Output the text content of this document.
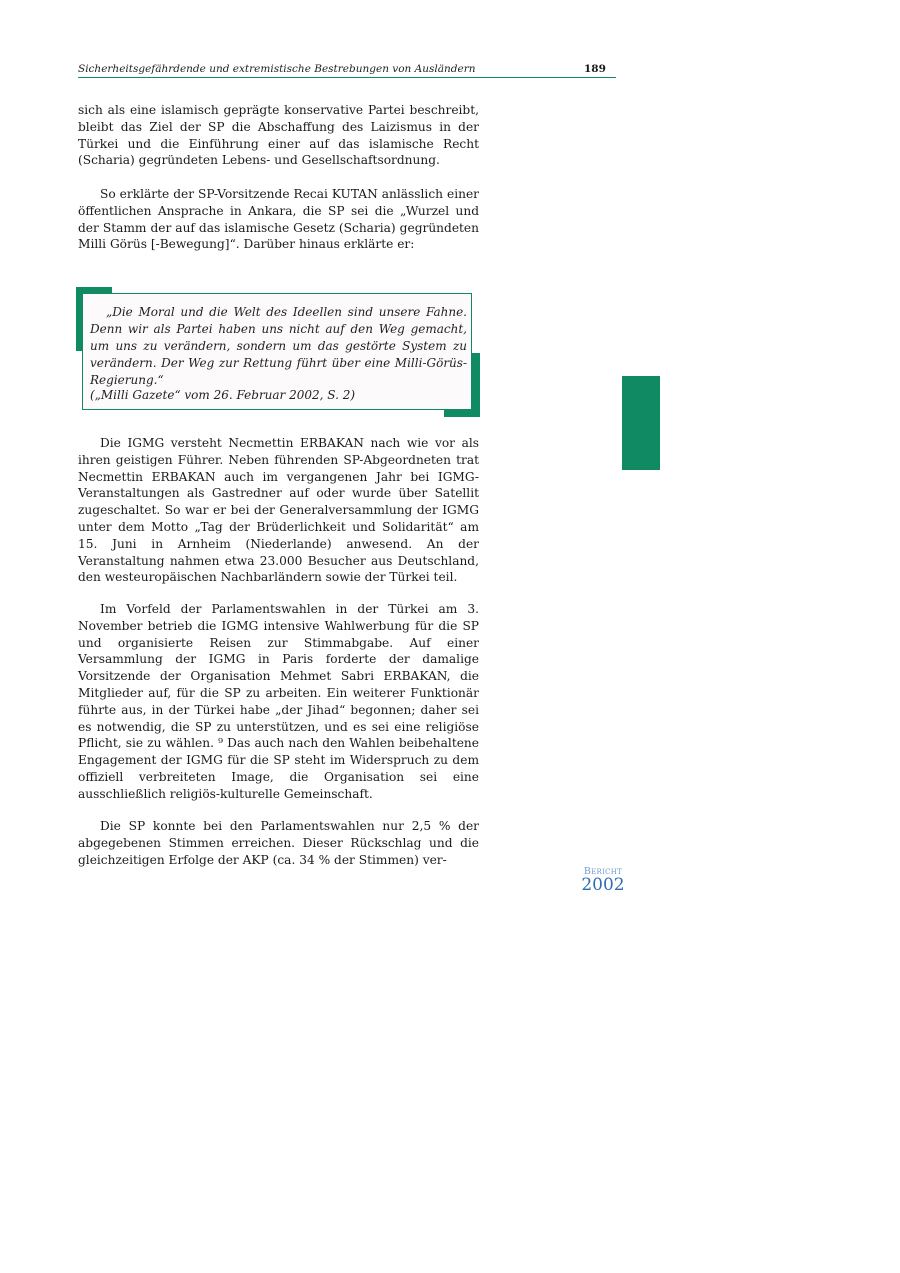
Sicherheitsgefährdende und extremistische Bestrebungen von Ausländern	189

sich als eine islamisch geprägte konservative Partei beschreibt, bleibt das Ziel der SP die Abschaffung des Laizismus in der Türkei und die Einführung einer auf das islamische Recht (Scharia) gegründeten Lebens- und Gesellschaftsordnung.

So erklärte der SP-Vorsitzende Recai KUTAN anlässlich einer öffentlichen Ansprache in Ankara, die SP sei die „Wurzel und der Stamm der auf das islamische Gesetz (Scharia) gegründeten Milli Görüs [-Bewegung]“. Darüber hinaus erklärte er:

„Die Moral und die Welt des Ideellen sind unsere Fahne. Denn wir als Partei haben uns nicht auf den Weg gemacht, um uns zu verändern, sondern um das gestörte System zu verändern. Der Weg zur Rettung führt über eine Milli-Görüs-Regierung.“

(„Milli Gazete“ vom 26. Februar 2002, S. 2)

Die IGMG versteht Necmettin ERBAKAN nach wie vor als ihren geistigen Führer. Neben führenden SP-Abgeordneten trat Necmettin ERBAKAN auch im vergangenen Jahr bei IGMG-Veranstaltungen als Gastredner auf oder wurde über Satellit zugeschaltet. So war er bei der Generalversammlung der IGMG unter dem Motto „Tag der Brüderlichkeit und Solidarität“ am 15. Juni in Arnheim (Niederlande) anwesend. An der Veranstaltung nahmen etwa 23.000 Besucher aus Deutschland, den westeuropäischen Nachbarländern sowie der Türkei teil.

Im Vorfeld der Parlamentswahlen in der Türkei am 3. November betrieb die IGMG intensive Wahlwerbung für die SP und organisierte Reisen zur Stimmabgabe. Auf einer Versammlung der IGMG in Paris forderte der damalige Vorsitzende der Organisation Mehmet Sabri ERBAKAN, die Mitglieder auf, für die SP zu arbeiten. Ein weiterer Funktionär führte aus, in der Türkei habe „der Jihad“ begonnen; daher sei es notwendig, die SP zu unterstützen, und es sei eine religiöse Pflicht, sie zu wählen. ⁹ Das auch nach den Wahlen beibehaltene Engagement der IGMG für die SP steht im Widerspruch zu dem offiziell verbreiteten Image, die Organisation sei eine ausschließlich religiös-kulturelle Gemeinschaft.

Die SP konnte bei den Parlamentswahlen nur 2,5 % der abgegebenen Stimmen erreichen. Dieser Rückschlag und die gleichzeitigen Erfolge der AKP (ca. 34 % der Stimmen) ver-

Bericht
2002
